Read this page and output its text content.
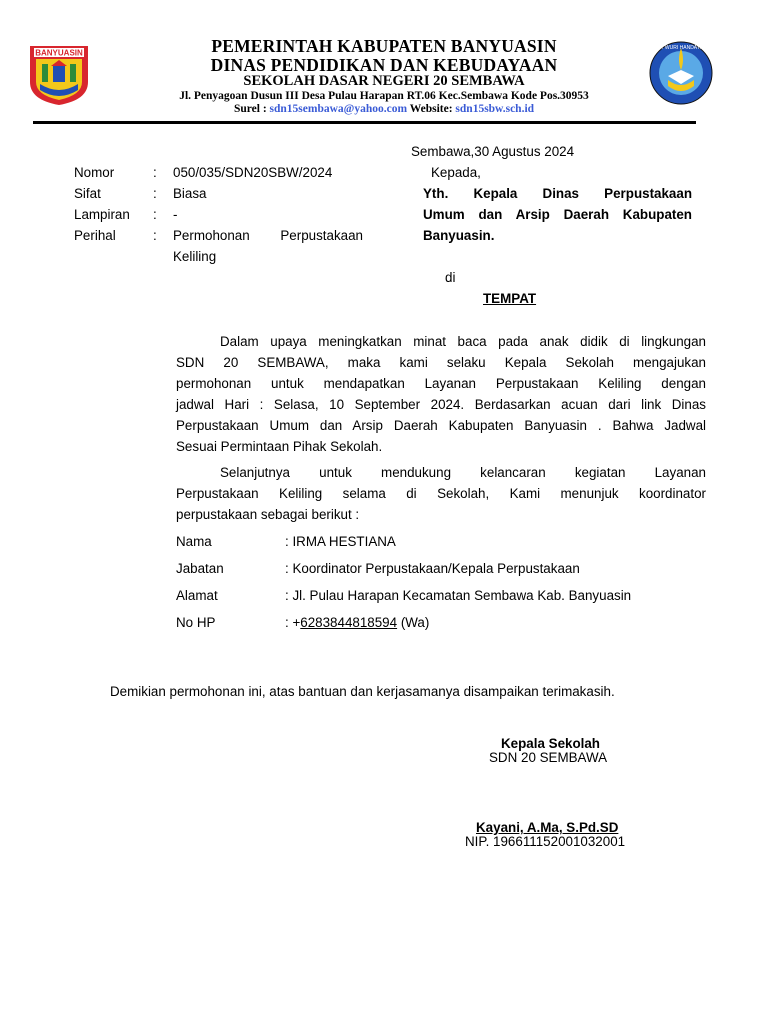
BANYUASIN
TUT WURI HANDAYANI
PEMERINTAH KABUPATEN BANYUASIN
DINAS PENDIDIKAN DAN KEBUDAYAAN
SEKOLAH DASAR NEGERI 20 SEMBAWA
Jl. Penyagoan Dusun III Desa Pulau Harapan RT.06 Kec.Sembawa Kode Pos.30953
Surel : sdn15sembawa@yahoo.com Website: sdn15sbw.sch.id
Sembawa,30 Agustus 2024
Nomor	: 050/035/SDN20SBW/2024
Sifat	: Biasa
Lampiran : -
Perihal	: Permohonan Perpustakaan
Keliling
Kepada,
Yth. Kepala Dinas Perpustakaan
Umum dan Arsip Daerah Kabupaten
Banyuasin.
di
TEMPAT
Dalam upaya meningkatkan minat baca pada anak didik di lingkungan
SDN 20 SEMBAWA, maka kami selaku Kepala Sekolah mengajukan
permohonan untuk mendapatkan Layanan Perpustakaan Keliling dengan
jadwal Hari : Selasa, 10 September 2024. Berdasarkan acuan dari link Dinas
Perpustakaan Umum dan Arsip Daerah Kabupaten Banyuasin . Bahwa Jadwal
Sesuai Permintaan Pihak Sekolah.
Selanjutnya untuk mendukung kelancaran kegiatan Layanan
Perpustakaan Keliling selama di Sekolah, Kami menunjuk koordinator
perpustakaan sebagai berikut :
Nama	: IRMA HESTIANA
Jabatan	: Koordinator Perpustakaan/Kepala Perpustakaan
Alamat	: Jl. Pulau Harapan Kecamatan Sembawa Kab. Banyuasin
No HP	: +6283844818594 (Wa)
Demikian permohonan ini, atas bantuan dan kerjasamanya disampaikan terimakasih.
Kepala Sekolah
SDN 20 SEMBAWA
Kayani, A.Ma, S.Pd.SD
NIP. 196611152001032001
